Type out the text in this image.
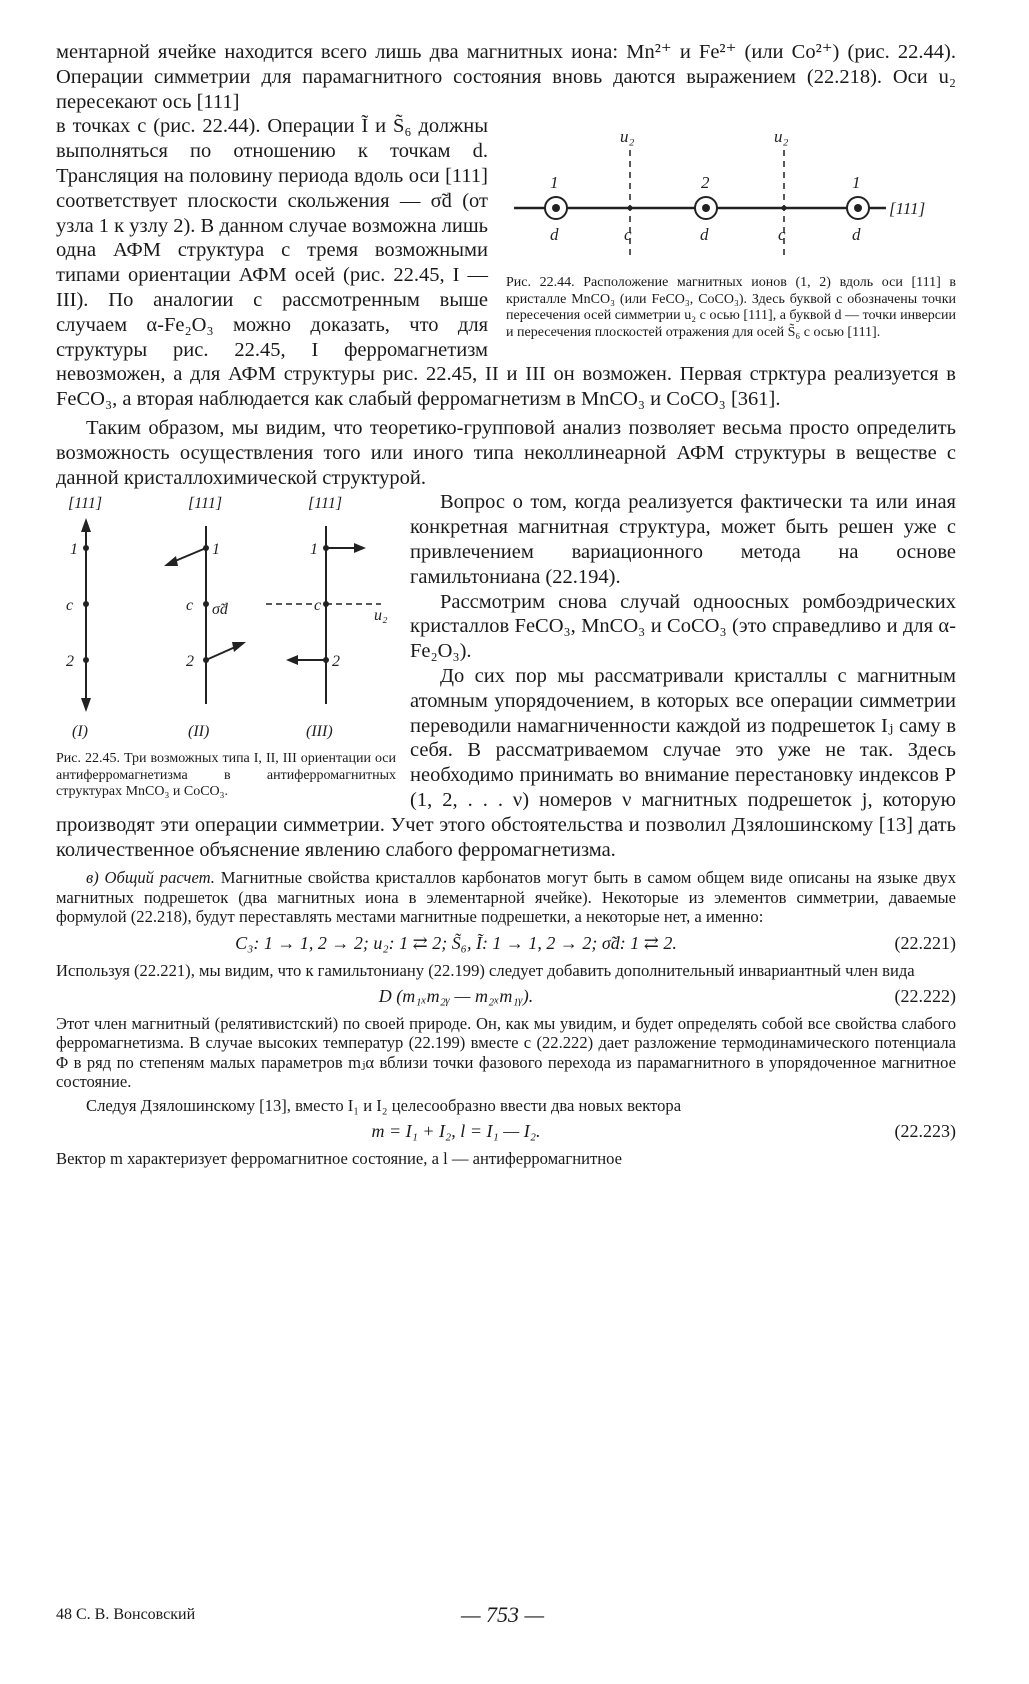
ментарной ячейке находится всего лишь два магнитных иона: Mn²⁺ и Fe²⁺ (или Co²⁺) (рис. 22.44). Операции симметрии для парамагнитного состояния вновь даются выражением (22.218). Оси u₂ пересекают ось [111]

u₂	u₂
1	2	1
d	c	d	c	d
[111]

Рис. 22.44. Расположение магнитных ионов (1, 2) вдоль оси [111] в кристалле MnCO₃ (или FeCO₃, CoCO₃). Здесь буквой c обозначены точки пересечения осей симметрии u₂ с осью [111], а буквой d — точки инверсии и пересечения плоскостей отражения для осей S̃₆ с осью [111].

в точках c (рис. 22.44). Операции Ĩ и S̃₆ должны выполняться по отношению к точкам d. Трансляция на половину периода вдоль оси [111] соответствует плоскости скольжения — σ̃d (от узла 1 к узлу 2). В данном случае возможна лишь одна АФМ структура с тремя возможными типами ориентации АФМ осей (рис. 22.45, I — III). По аналогии с рассмотренным выше случаем α-Fe₂O₃ можно доказать, что для структуры рис. 22.45, I ферромагнетизм невозможен, а для АФМ структуры рис. 22.45, II и III он возможен. Первая стрктура реализуется в FeCO₃, а вторая наблюдается как слабый ферромагнетизм в MnCO₃ и CoCO₃ [361].

Таким образом, мы видим, что теоретико-групповой анализ позволяет весьма просто определить возможность осуществления того или иного типа неколлинеарной АФМ структуры в веществе с данной кристаллохимической структурой.

[111]	[111]	[111]
1
c
2
1
c σ̃d
2
1
c
u₂
2
(I)	(II)	(III)

Рис. 22.45. Три возможных типа I, II, III ориентации оси антиферромагнетизма в антиферромагнитных структурах MnCO₃ и CoCO₃.

Вопрос о том, когда реализуется фактически та или иная конкретная магнитная структура, может быть решен уже с привлечением вариационного метода на основе гамильтониана (22.194).

Рассмотрим снова случай одноосных ромбоэдрических кристаллов FeCO₃, MnCO₃ и CoCO₃ (это справедливо и для α-Fe₂O₃).

До сих пор мы рассматривали кристаллы с магнитным атомным упорядочением, в которых все операции симметрии переводили намагниченности каждой из подрешеток Iⱼ саму в себя. В рассматриваемом случае это уже не так. Здесь необходимо принимать во внимание перестановку индексов P (1, 2, . . . ν) номеров ν магнитных подрешеток j, которую производят эти операции симметрии. Учет этого обстоятельства и позволил Дзялошинскому [13] дать количественное объяснение явлению слабого ферромагнетизма.

в) Общий расчет. Магнитные свойства кристаллов карбонатов могут быть в самом общем виде описаны на языке двух магнитных подрешеток (два магнитных иона в элементарной ячейке). Некоторые из элементов симметрии, даваемые формулой (22.218), будут переставлять местами магнитные подрешетки, а некоторые нет, а именно:

C₃: 1 → 1, 2 → 2; u₂: 1 ⇄ 2; S̃₆, Ĩ: 1 → 1, 2 → 2; σ̃d: 1 ⇄ 2.	(22.221)

Используя (22.221), мы видим, что к гамильтониану (22.199) следует добавить дополнительный инвариантный член вида

D (m₁ₓm₂ᵧ — m₂ₓm₁ᵧ).	(22.222)

Этот член магнитный (релятивистский) по своей природе. Он, как мы увидим, и будет определять собой все свойства слабого ферромагнетизма. В случае высоких температур (22.199) вместе с (22.222) дает разложение термодинамического потенциала Φ в ряд по степеням малых параметров mⱼα вблизи точки фазового перехода из парамагнитного в упорядоченное магнитное состояние.

Следуя Дзялошинскому [13], вместо I₁ и I₂ целесообразно ввести два новых вектора

m = I₁ + I₂, l = I₁ — I₂.	(22.223)

Вектор m характеризует ферромагнитное состояние, а l — антиферромагнитное

48 С. В. Вонсовский	— 753 —
